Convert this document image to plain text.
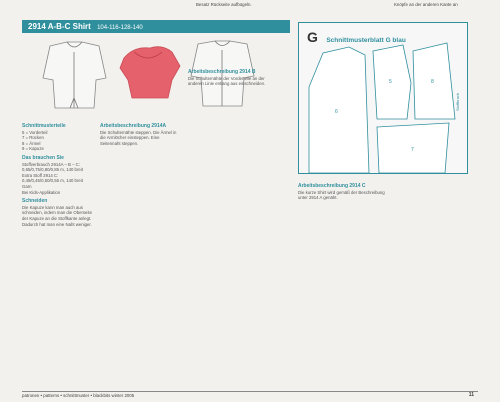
Besatz Rückseite aufbügeln.	Knöpfe an der anderen Kante an
2914 A-B-C Shirt 104-116-128-140
G Schnittmusterblatt G blau
6
5	8
7
Stoffbruch
Schnittmusterteile
5 = Vorderteil
7 = Rücken
8 = Ärmel
9 = Kapuze
Das brauchen Sie
Stoffverbrauch 2914A – B – C:
0,65/0,75/0,80/0,85 m, 140 breit
Extra Stoff 2914 C:
0,45/0,45/0,50/0,55 m, 140 breit
Garn
Bei Kids-Applikation
Schneiden
Die Kapuze kann man auch aus schneiden, indem man die Oberseite der Kapuze an die Stoffkante anlegt. Dadurch hat man eine Naht weniger.
Arbeitsbeschreibung 2914A
Die Schulternähte steppen. Die Ärmel in die Armlöcher einsteppen. Eine Seitennaht steppen.
Arbeitsbeschreibung 2914 B
Die Schulternähte der Vorderteile an der anderen Linie entlang aus einschneiden.
Arbeitsbeschreibung 2914 C
Die kurze Shirt wird gemäß der Beschreibung unter 2914 A genäht.
patronen • patterns • schnittmuster • blackbits winter 2005	11
